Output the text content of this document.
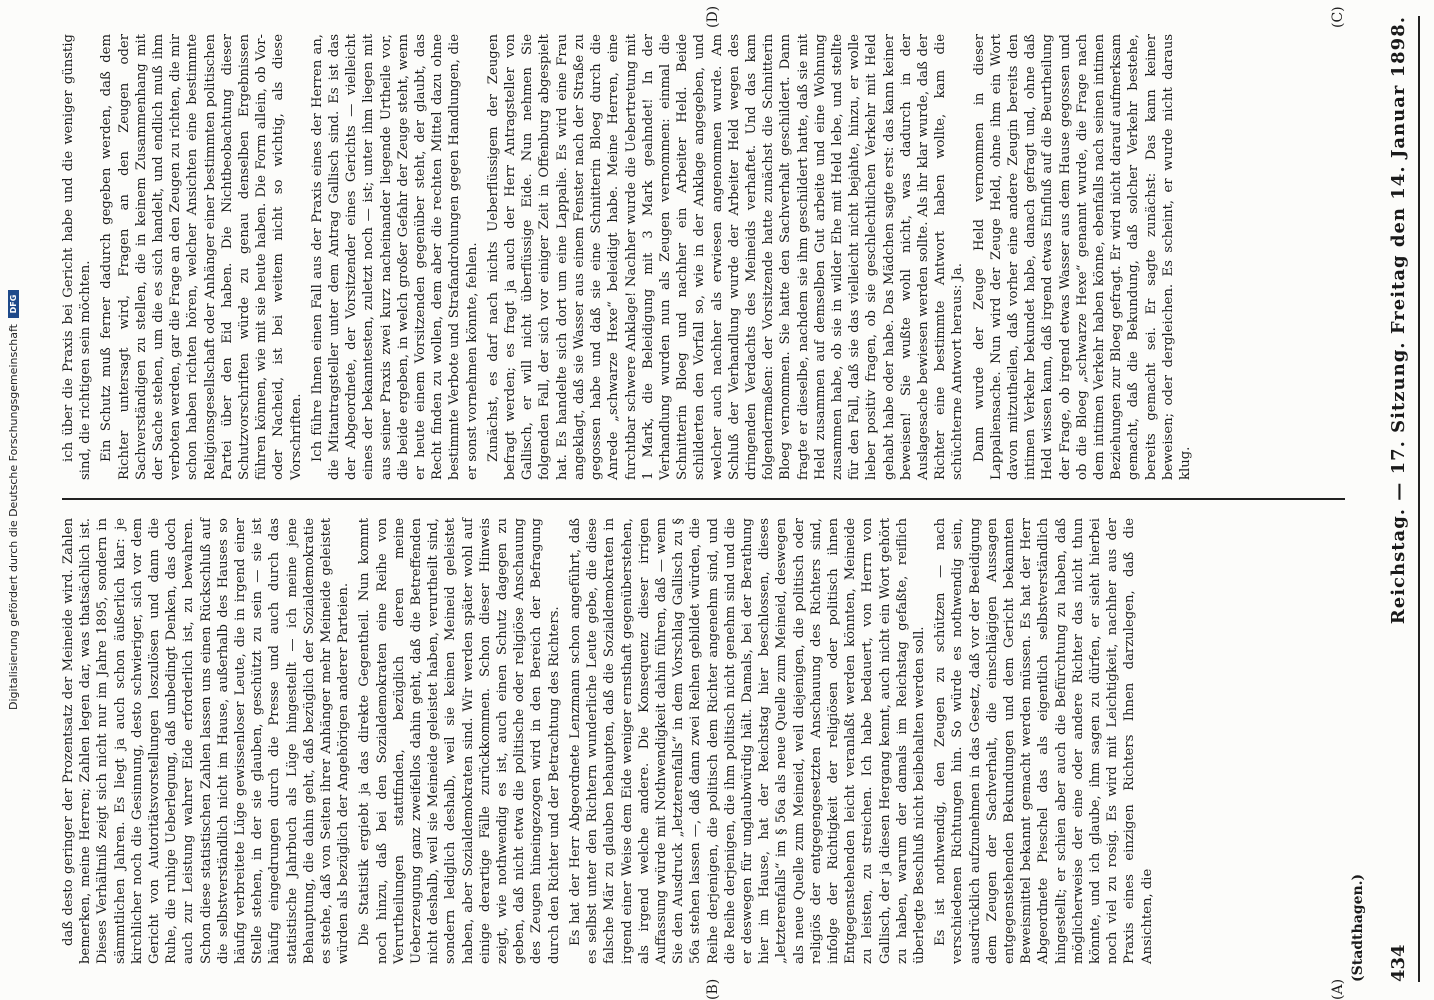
Digitalisierung gefördert durch die Deutsche Forschungsgemeinschaft
DFG
(Stadthagen.) 434
Reichstag. — 17. Sitzung. Freitag den 14. Januar 1898.
(A)
(B)
(C)
(D)

daß desto geringer der Prozentsatz der Meineide wird. Zahlen bemerken, meine Herren; Zahlen legen dar, was thatsächlich ist. Dieses Verhältniß zeigt sich nicht nur im Jahre 1895, sondern in sämmtlichen Jahren. Es liegt ja auch schon äußerlich klar: je kirchlicher noch die Gesinnung, desto schwieriger, sich vor dem Gericht von Autoritätsvorstellungen loszulösen und dann die Ruhe, die ruhige Ueberlegung, daß unbedingt Denken, das doch auch zur Leistung wahrer Eide erforderlich ist, zu bewahren. Schon diese statistischen Zahlen lassen uns einen Rückschluß auf die selbstverständlich nicht im Hause, außerhalb des Hauses so häufig verbreitete Lüge gewissenloser Leute, die in irgend einer Stelle stehen, in der sie glauben, geschützt zu sein — sie ist häufig eingedrungen durch die Presse und auch durch das statistische Jahrbuch als Lüge hingestellt — ich meine jene Behauptung, die dahin geht, daß bezüglich der Sozialdemokratie es stehe, daß von Seiten ihrer Anhänger mehr Meineide geleistet würden als bezüglich der Angehörigen anderer Parteien. Die Statistik ergiebt ja das direkte Gegentheil. Nun kommt noch hinzu, daß bei den Sozialdemokraten eine Reihe von Verurtheilungen stattfinden, bezüglich deren meine Ueberzeugung ganz zweifellos dahin geht, daß die Betreffenden nicht deshalb, weil sie Meineide geleistet haben, verurtheilt sind, sondern lediglich deshalb, weil sie keinen Meineid geleistet haben, aber Sozialdemokraten sind. Wir werden später wohl auf einige derartige Fälle zurückkommen. Schon dieser Hinweis zeigt, wie nothwendig es ist, auch einen Schutz dagegen zu geben, daß nicht etwa die politische oder religiöse Anschauung des Zeugen hineingezogen wird in den Bereich der Befragung durch den Richter und der Betrachtung des Richters. Es hat der Herr Abgeordnete Lenzmann schon angeführt, daß es selbst unter den Richtern wunderliche Leute gebe, die diese falsche Mär zu glauben behaupten, daß die Sozialdemokraten in irgend einer Weise dem Eide weniger ernsthaft gegenüberstehen, als irgend welche andere. Die Konsequenz dieser irrigen Auffassung würde mit Nothwendigkeit dahin führen, daß — wenn Sie den Ausdruck „letzterenfalls“ in dem Vorschlag Gallisch zu § 56a stehen lassen —, daß dann zwei Reihen gebildet würden, die Reihe derjenigen, die politisch dem Richter angenehm sind, und die Reihe derjenigen, die ihm politisch nicht genehm sind und die er deswegen für unglaubwürdig hält. Damals, bei der Berathung hier im Hause, hat der Reichstag hier beschlossen, dieses „letzterenfalls“ im § 56a als neue Quelle zum Meineid, deswegen als neue Quelle zum Meineid, weil diejenigen, die politisch oder religiös der entgegengesetzten Anschauung des Richters sind, infolge der Richtigkeit der religiösen oder politisch ihnen Entgegenstehenden leicht veranlaßt werden könnten, Meineide zu leisten, zu streichen. Ich habe bedauert, von Herrn von Gallisch, der ja diesen Hergang kennt, auch nicht ein Wort gehört zu haben, warum der damals im Reichstag gefaßte, reiflich überlegte Beschluß nicht beibehalten werden soll. Es ist nothwendig, den Zeugen zu schützen — nach verschiedenen Richtungen hin. So würde es nothwendig sein, ausdrücklich aufzunehmen in das Gesetz, daß vor der Beeidigung dem Zeugen der Sachverhalt, die einschlägigen Aussagen entgegenstehenden Bekundungen und dem Gericht bekannten Beweismittel bekannt gemacht werden müssen. Es hat der Herr Abgeordnete Pieschel das als eigentlich selbstverständlich hingestellt; er schien aber auch die Befürchtung zu haben, daß möglicherweise der eine oder andere Richter das nicht thun könnte, und ich glaube, ihm sagen zu dürfen, er sieht hierbei noch viel zu rosig. Es wird mit Leichtigkeit, nachher aus der Praxis eines einzigen Richters Ihnen darzulegen, daß die Ansichten, die

ich über die Praxis bei Gericht habe und die weniger günstig sind, die richtigen sein möchten. Ein Schutz muß ferner dadurch gegeben werden, daß dem Richter untersagt wird, Fragen an den Zeugen oder Sachverständigen zu stellen, die in keinem Zusammenhang mit der Sache stehen, um die es sich handelt, und endlich muß ihm verboten werden, gar die Frage an den Zeugen zu richten, die mir schon haben richten hören, welcher Ansichten eine bestimmte Religionsgesellschaft oder Anhänger einer bestimmten politischen Partei über den Eid haben. Die Nichtbeobachtung dieser Schutzvorschriften würde zu genau denselben Ergebnissen führen können, wie mit sie heute haben. Die Form allein, ob Vor- oder Nacheid, ist bei weitem nicht so wichtig, als diese Vorschriften. Ich führe Ihnen einen Fall aus der Praxis eines der Herren an, die Mitantragsteller unter dem Antrag Gallisch sind. Es ist das der Abgeordnete, der Vorsitzender eines Gerichts — vielleicht eines der bekanntesten, zuletzt noch — ist; unter ihm liegen mit aus seiner Praxis zwei kurz nacheinander liegende Urtheile vor, die beide ergeben, in welch großer Gefahr der Zeuge steht, wenn er heute einem Vorsitzenden gegenüber steht, der glaubt, das Recht finden zu wollen, dem aber die rechten Mittel dazu ohne bestimmte Verbote und Strafandrohungen gegen Handlungen, die er sonst vornehmen könnte, fehlen. Zunächst, es darf nach nichts Ueberflüssigem der Zeugen befragt werden; es fragt ja auch der Herr Antragsteller von Gallisch, er will nicht überflüssige Eide. Nun nehmen Sie folgenden Fall, der sich vor einiger Zeit in Offenburg abgespielt hat. Es handelte sich dort um eine Lappalie. Es wird eine Frau angeklagt, daß sie Wasser aus einem Fenster nach der Straße zu gegossen habe und daß sie eine Schnitterin Bloeg durch die Anrede „schwarze Hexe“ beleidigt habe. Meine Herren, eine furchtbar schwere Anklage! Nachher wurde die Uebertretung mit 1 Mark, die Beleidigung mit 3 Mark geahndet! In der Verhandlung wurden nun als Zeugen vernommen: einmal die Schnitterin Bloeg und nachher ein Arbeiter Held. Beide schilderten den Vorfall so, wie in der Anklage angegeben, und welcher auch nachher als erwiesen angenommen wurde. Am Schluß der Verhandlung wurde der Arbeiter Held wegen des dringenden Verdachts des Meineids verhaftet. Und das kam folgendermaßen: der Vorsitzende hatte zunächst die Schnitterin Bloeg vernommen. Sie hatte den Sachverhalt geschildert. Dann fragte er dieselbe, nachdem sie ihm geschildert hatte, daß sie mit Held zusammen auf demselben Gut arbeite und eine Wohnung zusammen habe, ob sie in wilder Ehe mit Held lebe, und stellte für den Fall, daß sie das vielleicht nicht bejahte, hinzu, er wolle lieber positiv fragen, ob sie geschlechtlichen Verkehr mit Held gehabt habe oder habe. Das Mädchen sagte erst: das kann keiner beweisen! Sie wußte wohl nicht, was dadurch in der Auslagesache bewiesen werden sollte. Als ihr klar wurde, daß der Richter eine bestimmte Antwort haben wollte, kam die schüchterne Antwort heraus: Ja. Dann wurde der Zeuge Held vernommen in dieser Lappaliensache. Nun wird der Zeuge Held, ohne ihm ein Wort davon mitzutheilen, daß vorher eine andere Zeugin bereits den intimen Verkehr bekundet habe, danach gefragt und, ohne daß Held wissen kann, daß irgend etwas Einfluß auf die Beurtheilung der Frage, ob irgend etwas Wasser aus dem Hause gegossen und ob die Bloeg „schwarze Hexe“ genannt wurde, die Frage nach dem intimen Verkehr haben könne, ebenfalls nach seinen intimen Beziehungen zur Bloeg gefragt. Er wird nicht darauf aufmerksam gemacht, daß die Bekundung, daß solcher Verkehr bestehe, bereits gemacht sei. Er sagte zunächst: Das kann keiner beweisen; oder dergleichen. Es scheint, er wurde nicht daraus klug.
